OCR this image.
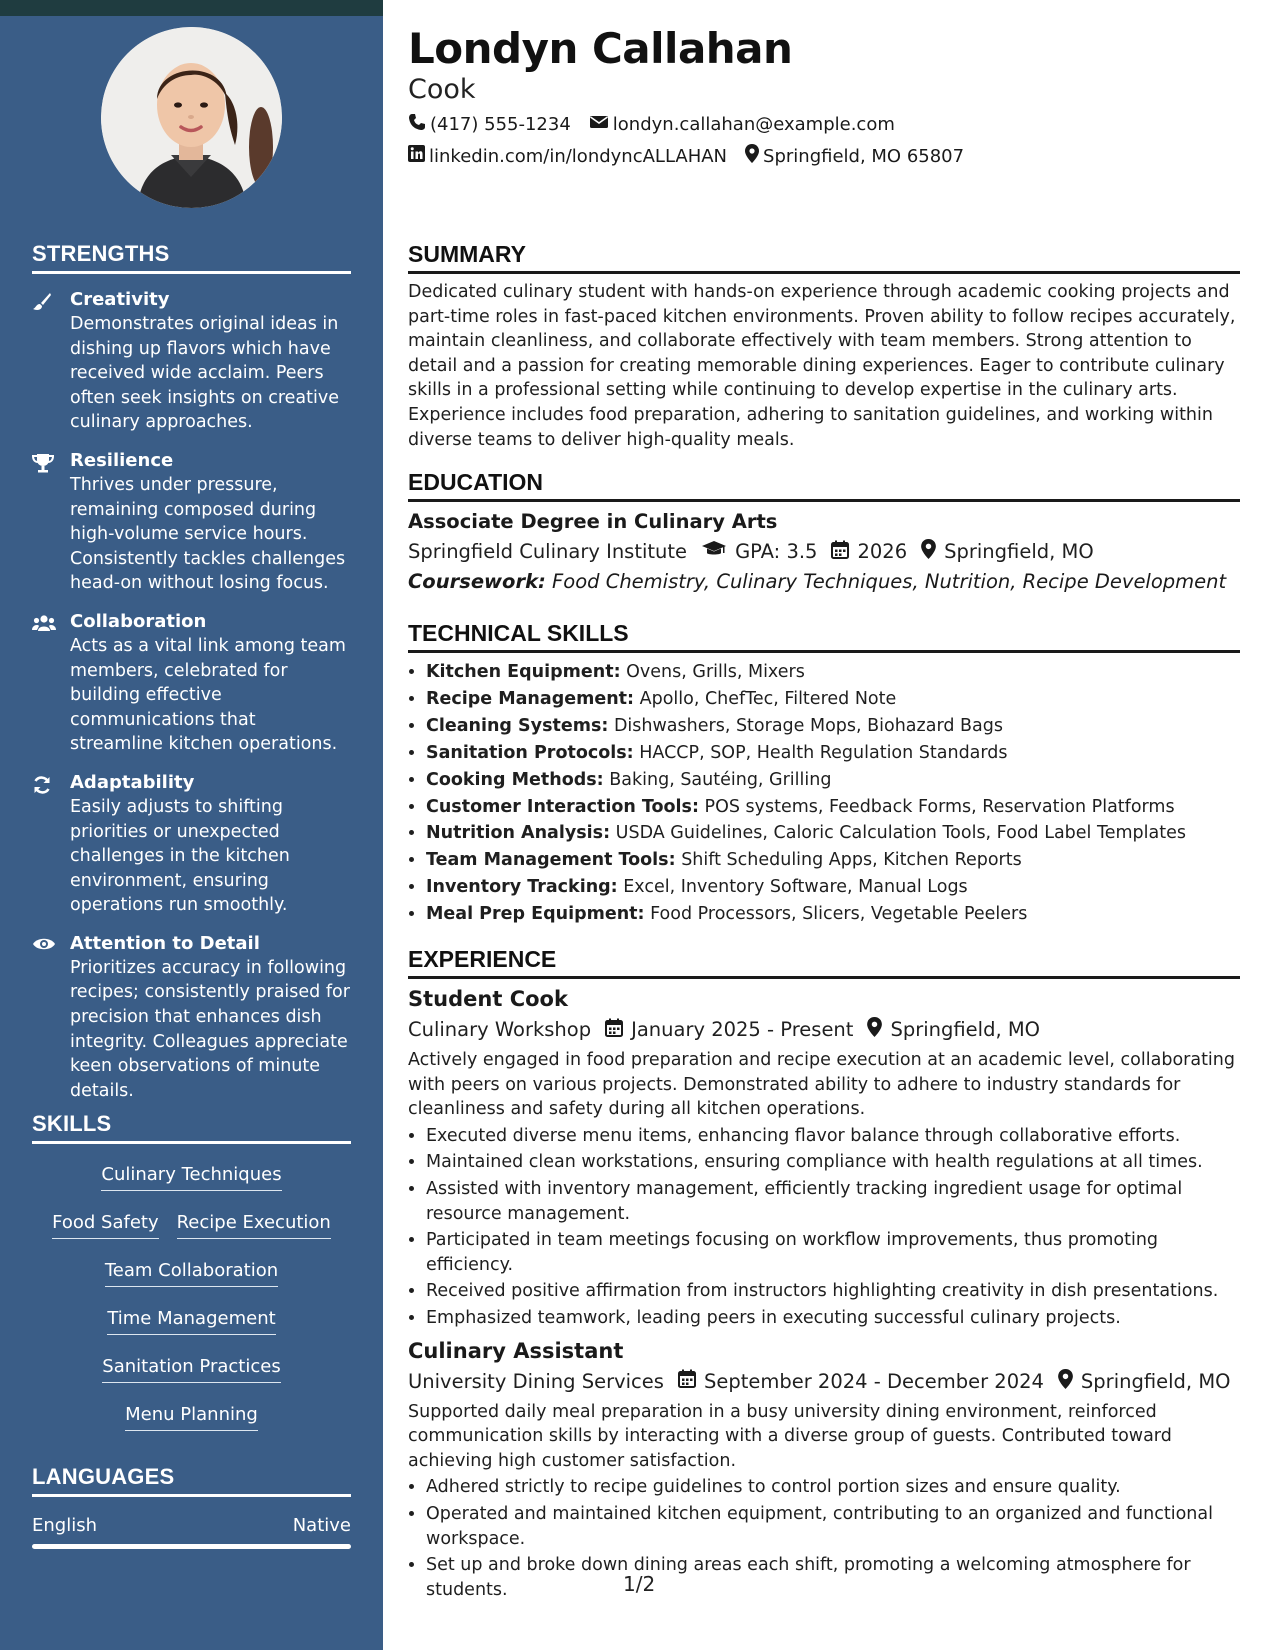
STRENGTHS
Creativity
Demonstrates original ideas in dishing up flavors which have received wide acclaim. Peers often seek insights on creative culinary approaches.
Resilience
Thrives under pressure, remaining composed during high-volume service hours. Consistently tackles challenges head-on without losing focus.
Collaboration
Acts as a vital link among team members, celebrated for building effective communications that streamline kitchen operations.
Adaptability
Easily adjusts to shifting priorities or unexpected challenges in the kitchen environment, ensuring operations run smoothly.
Attention to Detail
Prioritizes accuracy in following recipes; consistently praised for precision that enhances dish integrity. Colleagues appreciate keen observations of minute details.
SKILLS
Culinary Techniques
Food Safety Recipe Execution
Team Collaboration
Time Management
Sanitation Practices
Menu Planning
LANGUAGES
English	Native
Londyn Callahan
Cook
(417) 555-1234 londyn.callahan@example.com
linkedin.com/in/londyncALLAHAN Springfield, MO 65807
SUMMARY
Dedicated culinary student with hands-on experience through academic cooking projects and part-time roles in fast-paced kitchen environments. Proven ability to follow recipes accurately, maintain cleanliness, and collaborate effectively with team members. Strong attention to detail and a passion for creating memorable dining experiences. Eager to contribute culinary skills in a professional setting while continuing to develop expertise in the culinary arts. Experience includes food preparation, adhering to sanitation guidelines, and working within diverse teams to deliver high-quality meals.
EDUCATION
Associate Degree in Culinary Arts
Springfield Culinary Institute GPA: 3.5 2026 Springfield, MO
Coursework: Food Chemistry, Culinary Techniques, Nutrition, Recipe Development
TECHNICAL SKILLS
• Kitchen Equipment: Ovens, Grills, Mixers
• Recipe Management: Apollo, ChefTec, Filtered Note
• Cleaning Systems: Dishwashers, Storage Mops, Biohazard Bags
• Sanitation Protocols: HACCP, SOP, Health Regulation Standards
• Cooking Methods: Baking, Sautéing, Grilling
• Customer Interaction Tools: POS systems, Feedback Forms, Reservation Platforms
• Nutrition Analysis: USDA Guidelines, Caloric Calculation Tools, Food Label Templates
• Team Management Tools: Shift Scheduling Apps, Kitchen Reports
• Inventory Tracking: Excel, Inventory Software, Manual Logs
• Meal Prep Equipment: Food Processors, Slicers, Vegetable Peelers
EXPERIENCE
Student Cook
Culinary Workshop January 2025 - Present Springfield, MO
Actively engaged in food preparation and recipe execution at an academic level, collaborating with peers on various projects. Demonstrated ability to adhere to industry standards for cleanliness and safety during all kitchen operations.
• Executed diverse menu items, enhancing flavor balance through collaborative efforts.
• Maintained clean workstations, ensuring compliance with health regulations at all times.
• Assisted with inventory management, efficiently tracking ingredient usage for optimal resource management.
• Participated in team meetings focusing on workflow improvements, thus promoting efficiency.
• Received positive affirmation from instructors highlighting creativity in dish presentations.
• Emphasized teamwork, leading peers in executing successful culinary projects.
Culinary Assistant
University Dining Services September 2024 - December 2024 Springfield, MO
Supported daily meal preparation in a busy university dining environment, reinforced communication skills by interacting with a diverse group of guests. Contributed toward achieving high customer satisfaction.
• Adhered strictly to recipe guidelines to control portion sizes and ensure quality.
• Operated and maintained kitchen equipment, contributing to an organized and functional workspace.
• Set up and broke down dining areas each shift, promoting a welcoming atmosphere for students.	1/2
